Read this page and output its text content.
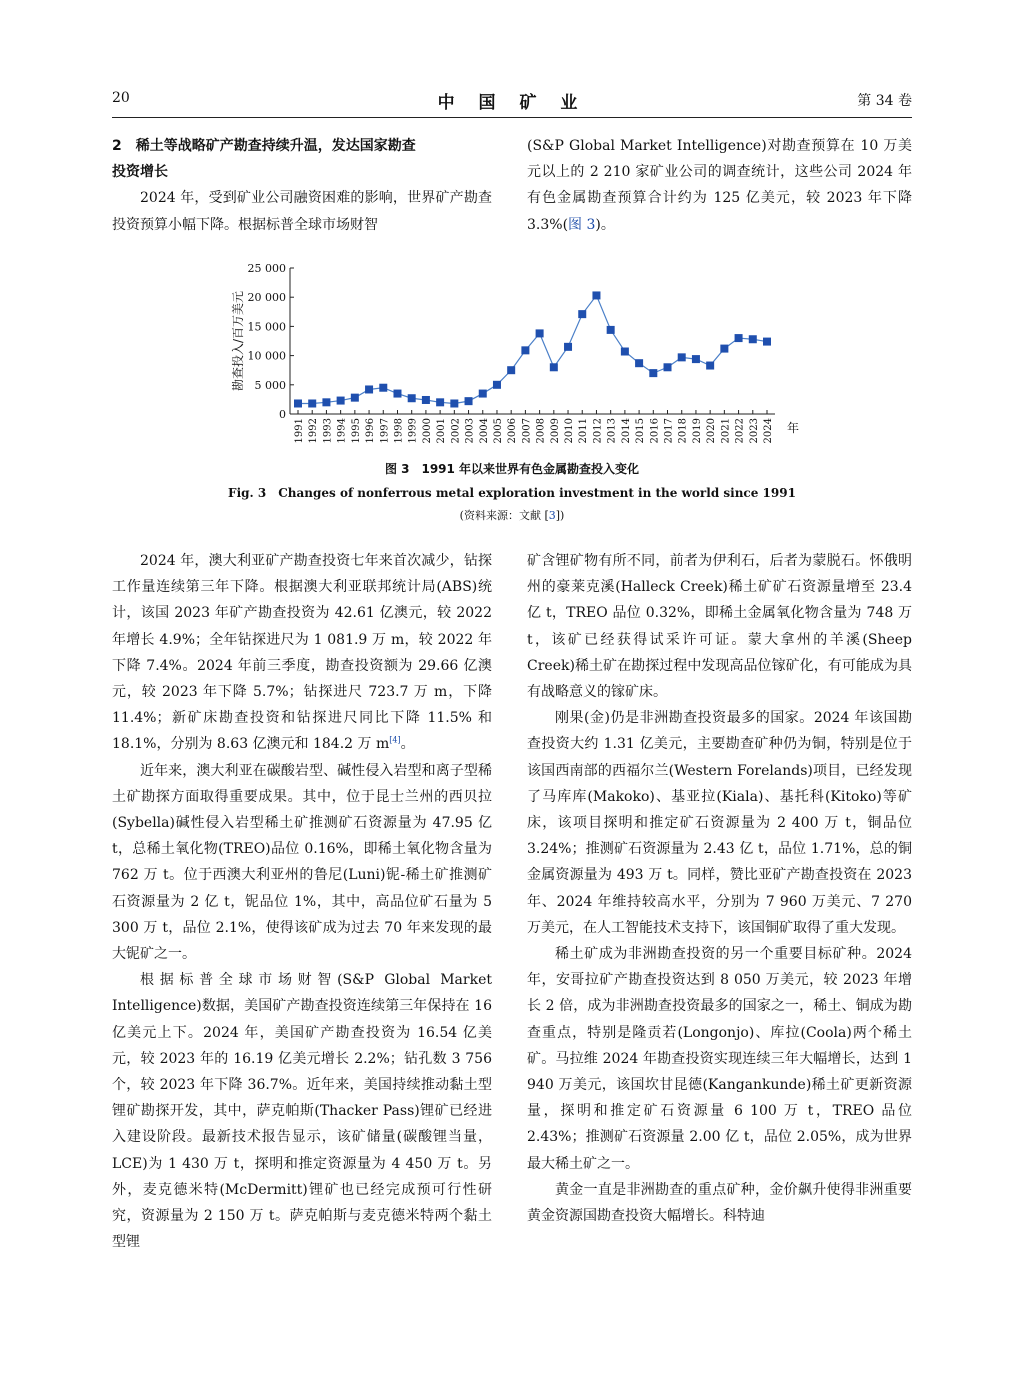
20	中 国 矿 业	第 34 卷
2　稀土等战略矿产勘查持续升温，发达国家勘查
投资增长

2024 年，受到矿业公司融资困难的影响，世界矿产勘查投资预算小幅下降。根据标普全球市场财智

(S&P Global Market Intelligence)对勘查预算在 10 万美元以上的 2 210 家矿业公司的调查统计，这些公司 2024 年有色金属勘查预算合计约为 125 亿美元，较 2023 年下降 3.3%(图 3)。

0
5 000
10 000
15 000
20 000
25 000
1991 1992 1993 1994 1995 1996 1997 1998 1999 2000 2001 2002 2003 2004 2005 2006 2007 2008 2009 2010 2011 2012 2013 2014 2015 2016 2017 2018 2019 2020 2021 2022 2023 2024 年
勘查投入/百万美元
图 3　1991 年以来世界有色金属勘查投入变化
Fig. 3　Changes of nonferrous metal exploration investment in the world since 1991
(资料来源：文献 [3])

2024 年，澳大利亚矿产勘查投资七年来首次减少，钻探工作量连续第三年下降。根据澳大利亚联邦统计局(ABS)统计，该国 2023 年矿产勘查投资为 42.61 亿澳元，较 2022 年增长 4.9%；全年钻探进尺为 1 081.9 万 m，较 2022 年下降 7.4%。2024 年前三季度，勘查投资额为 29.66 亿澳元，较 2023 年下降 5.7%；钻探进尺 723.7 万 m，下降 11.4%；新矿床勘查投资和钻探进尺同比下降 11.5% 和 18.1%，分别为 8.63 亿澳元和 184.2 万 m[4]。

近年来，澳大利亚在碳酸岩型、碱性侵入岩型和离子型稀土矿勘探方面取得重要成果。其中，位于昆士兰州的西贝拉(Sybella)碱性侵入岩型稀土矿推测矿石资源量为 47.95 亿 t，总稀土氧化物(TREO)品位 0.16%，即稀土氧化物含量为 762 万 t。位于西澳大利亚州的鲁尼(Luni)铌-稀土矿推测矿石资源量为 2 亿 t，铌品位 1%，其中，高品位矿石量为 5 300 万 t，品位 2.1%，使得该矿成为过去 70 年来发现的最大铌矿之一。

根据标普全球市场财智(S&P Global Market Intelligence)数据，美国矿产勘查投资连续第三年保持在 16 亿美元上下。2024 年，美国矿产勘查投资为 16.54 亿美元，较 2023 年的 16.19 亿美元增长 2.2%；钻孔数 3 756 个，较 2023 年下降 36.7%。近年来，美国持续推动黏土型锂矿勘探开发，其中，萨克帕斯(Thacker Pass)锂矿已经进入建设阶段。最新技术报告显示，该矿储量(碳酸锂当量，LCE)为 1 430 万 t，探明和推定资源量为 4 450 万 t。另外，麦克德米特(McDermitt)锂矿也已经完成预可行性研究，资源量为 2 150 万 t。萨克帕斯与麦克德米特两个黏土型锂

矿含锂矿物有所不同，前者为伊利石，后者为蒙脱石。怀俄明州的豪莱克溪(Halleck Creek)稀土矿矿石资源量增至 23.4 亿 t，TREO 品位 0.32%，即稀土金属氧化物含量为 748 万 t，该矿已经获得试采许可证。蒙大拿州的羊溪(Sheep Creek)稀土矿在勘探过程中发现高品位镓矿化，有可能成为具有战略意义的镓矿床。

刚果(金)仍是非洲勘查投资最多的国家。2024 年该国勘查投资大约 1.31 亿美元，主要勘查矿种仍为铜，特别是位于该国西南部的西福尔兰(Western Forelands)项目，已经发现了马库库(Makoko)、基亚拉(Kiala)、基托科(Kitoko)等矿床，该项目探明和推定矿石资源量为 2 400 万 t，铜品位 3.24%；推测矿石资源量为 2.43 亿 t，品位 1.71%，总的铜金属资源量为 493 万 t。同样，赞比亚矿产勘查投资在 2023 年、2024 年维持较高水平，分别为 7 960 万美元、7 270 万美元，在人工智能技术支持下，该国铜矿取得了重大发现。

稀土矿成为非洲勘查投资的另一个重要目标矿种。2024 年，安哥拉矿产勘查投资达到 8 050 万美元，较 2023 年增长 2 倍，成为非洲勘查投资最多的国家之一，稀土、铜成为勘查重点，特别是隆贡若(Longonjo)、库拉(Coola)两个稀土矿。马拉维 2024 年勘查投资实现连续三年大幅增长，达到 1 940 万美元，该国坎甘昆德(Kangankunde)稀土矿更新资源量，探明和推定矿石资源量 6 100 万 t，TREO 品位 2.43%；推测矿石资源量 2.00 亿 t，品位 2.05%，成为世界最大稀土矿之一。

黄金一直是非洲勘查的重点矿种，金价飙升使得非洲重要黄金资源国勘查投资大幅增长。科特迪
